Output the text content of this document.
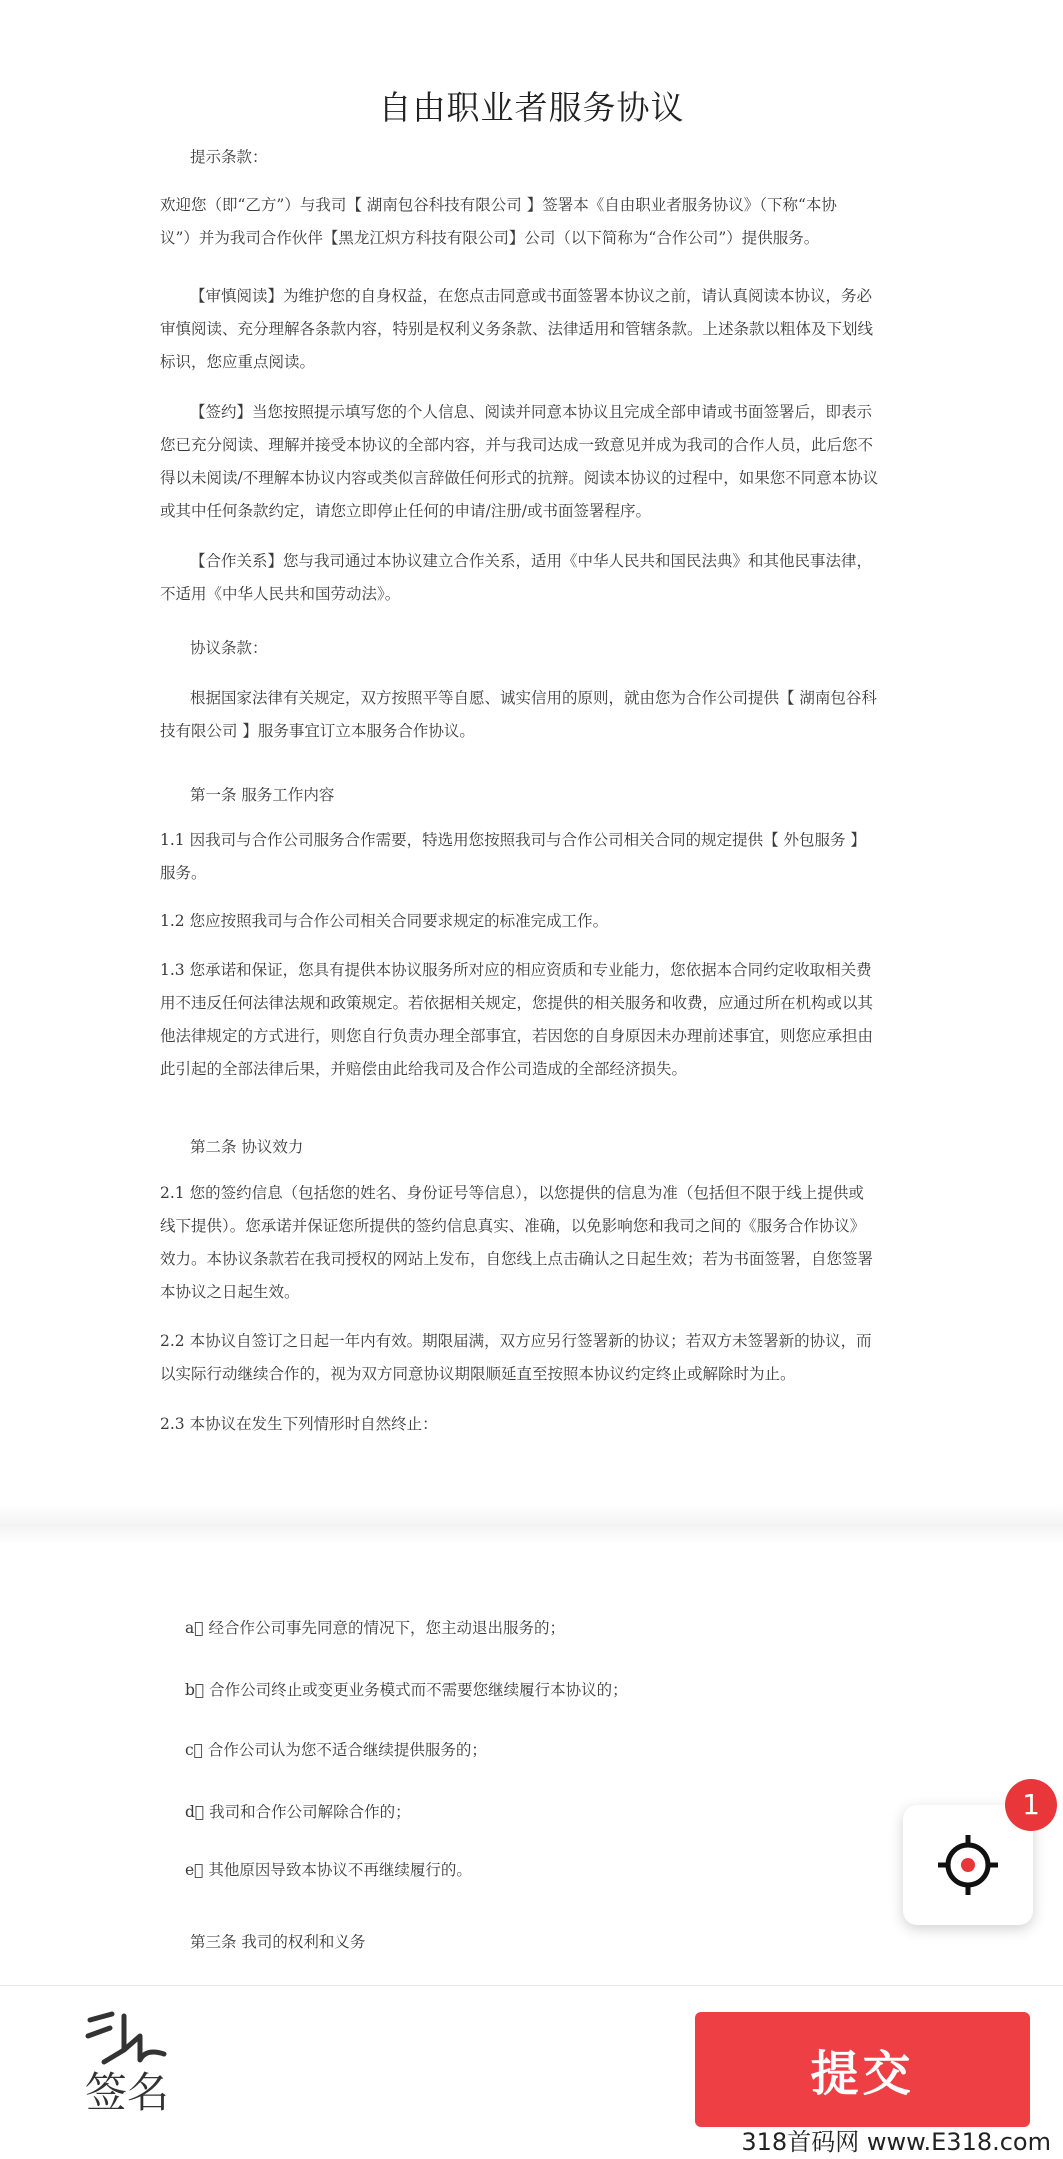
自由职业者服务协议
提示条款：
欢迎您（即“乙方”）与我司【 湖南包谷科技有限公司 】签署本《自由职业者服务协议》（下称“本协
议”）并为我司合作伙伴【黑龙江炽方科技有限公司】公司（以下简称为“合作公司”）提供服务。
【审慎阅读】为维护您的自身权益，在您点击同意或书面签署本协议之前，请认真阅读本协议，务必
审慎阅读、充分理解各条款内容，特别是权利义务条款、法律适用和管辖条款。上述条款以粗体及下划线
标识，您应重点阅读。
【签约】当您按照提示填写您的个人信息、阅读并同意本协议且完成全部申请或书面签署后，即表示
您已充分阅读、理解并接受本协议的全部内容，并与我司达成一致意见并成为我司的合作人员，此后您不
得以未阅读/不理解本协议内容或类似言辞做任何形式的抗辩。阅读本协议的过程中，如果您不同意本协议
或其中任何条款约定，请您立即停止任何的申请/注册/或书面签署程序。
【合作关系】您与我司通过本协议建立合作关系，适用《中华人民共和国民法典》和其他民事法律，
不适用《中华人民共和国劳动法》。
协议条款：
根据国家法律有关规定，双方按照平等自愿、诚实信用的原则，就由您为合作公司提供【 湖南包谷科
技有限公司 】服务事宜订立本服务合作协议。
第一条 服务工作内容
1.1 因我司与合作公司服务合作需要，特选用您按照我司与合作公司相关合同的规定提供【 外包服务 】
服务。
1.2 您应按照我司与合作公司相关合同要求规定的标准完成工作。
1.3 您承诺和保证，您具有提供本协议服务所对应的相应资质和专业能力，您依据本合同约定收取相关费
用不违反任何法律法规和政策规定。若依据相关规定，您提供的相关服务和收费，应通过所在机构或以其
他法律规定的方式进行，则您自行负责办理全部事宜，若因您的自身原因未办理前述事宜，则您应承担由
此引起的全部法律后果，并赔偿由此给我司及合作公司造成的全部经济损失。
第二条 协议效力
2.1 您的签约信息（包括您的姓名、身份证号等信息），以您提供的信息为准（包括但不限于线上提供或
线下提供）。您承诺并保证您所提供的签约信息真实、准确，以免影响您和我司之间的《服务合作协议》
效力。本协议条款若在我司授权的网站上发布，自您线上点击确认之日起生效；若为书面签署，自您签署
本协议之日起生效。
2.2 本协议自签订之日起一年内有效。期限届满，双方应另行签署新的协议；若双方未签署新的协议，而
以实际行动继续合作的，视为双方同意协议期限顺延直至按照本协议约定终止或解除时为止。
2.3 本协议在发生下列情形时自然终止：
a􏰀 经合作公司事先同意的情况下，您主动退出服务的；
b􏰀 合作公司终止或变更业务模式而不需要您继续履行本协议的；
c􏰀 合作公司认为您不适合继续提供服务的；
d􏰀 我司和合作公司解除合作的；
e􏰀 其他原因导致本协议不再继续履行的。
第三条 我司的权利和义务
签名	提交
1
318首码网 www.E318.com
